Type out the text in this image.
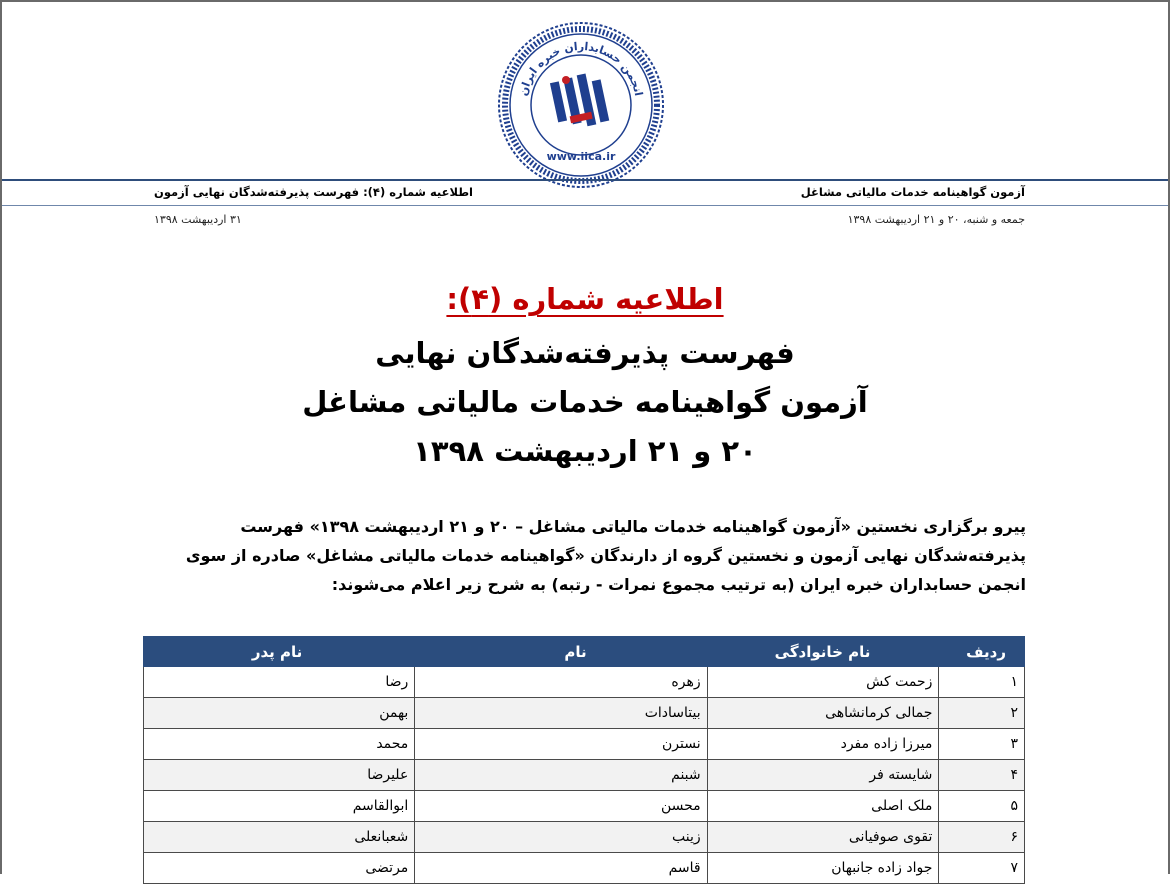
انجمن حسابداران خبره ایران
www.iica.ir
آزمون گواهینامه خدمات مالیاتی مشاغل
اطلاعیه شماره (۴): فهرست پذیرفته‌شدگان نهایی آزمون
جمعه و شنبه، ۲۰ و ۲۱ اردیبهشت ۱۳۹۸
۳۱ اردیبهشت ۱۳۹۸
اطلاعیه شماره (۴):
فهرست پذیرفته‌شدگان نهایی
آزمون گواهینامه خدمات مالیاتی مشاغل
۲۰ و ۲۱ اردیبهشت ۱۳۹۸
پیرو برگزاری نخستین «آزمون گواهینامه خدمات مالیاتی مشاغل – ۲۰ و ۲۱ اردیبهشت ۱۳۹۸» فهرست
پذیرفته‌شدگان نهایی آزمون و نخستین گروه از دارندگان «گواهینامه خدمات مالیاتی مشاغل» صادره از سوی
انجمن حسابداران خبره ایران (به ترتیب مجموع نمرات - رتبه) به شرح زیر اعلام می‌شوند:
ردیف	نام خانوادگی	نام	نام پدر
۱	زحمت کش	زهره	رضا
۲	جمالی کرمانشاهی	بیتاسادات	بهمن
۳	میرزا زاده مفرد	نسترن	محمد
۴	شایسته فر	شبنم	علیرضا
۵	ملک اصلی	محسن	ابوالقاسم
۶	تقوی صوفیانی	زینب	شعبانعلی
۷	جواد زاده جانبهان	قاسم	مرتضی
